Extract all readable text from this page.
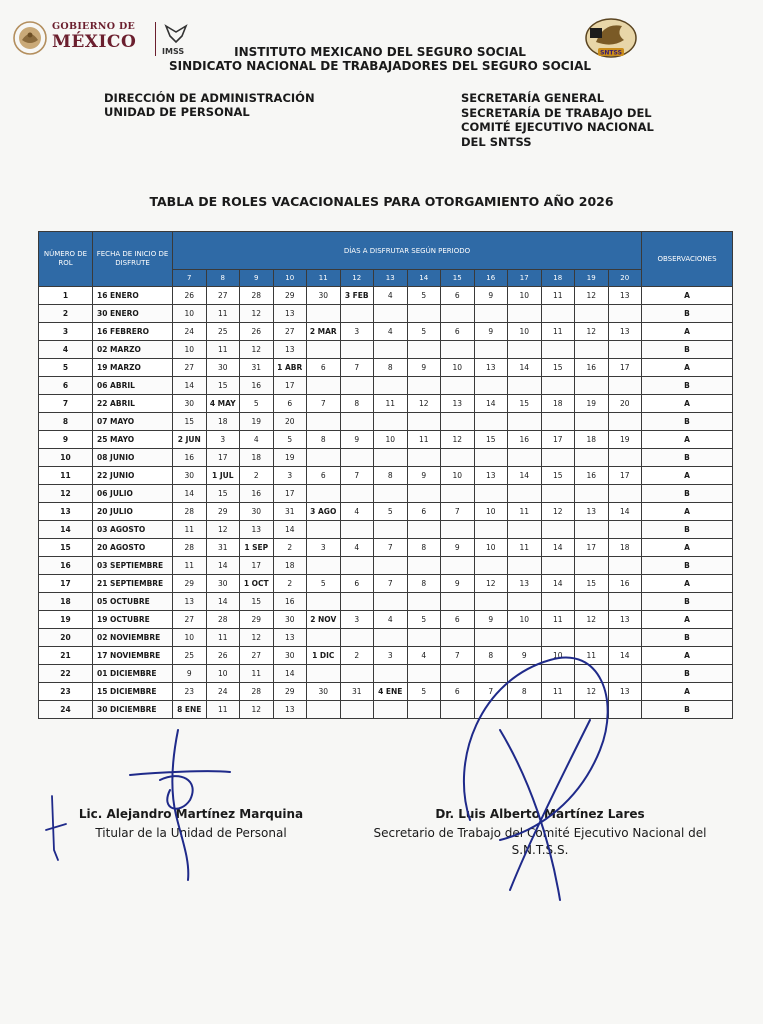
GOBIERNO DE
MÉXICO	IMSS	SNTSS
INSTITUTO MEXICANO DEL SEGURO SOCIAL
SINDICATO NACIONAL DE TRABAJADORES DEL SEGURO SOCIAL
DIRECCIÓN DE ADMINISTRACIÓN
UNIDAD DE PERSONAL
SECRETARÍA GENERAL
SECRETARÍA DE TRABAJO DEL
COMITÉ EJECUTIVO NACIONAL
DEL SNTSS
TABLA DE ROLES VACACIONALES PARA OTORGAMIENTO AÑO 2026
NÚMERO DE ROL	FECHA DE INICIO DE DISFRUTE	DÍAS A DISFRUTAR SEGÚN PERIODO														OBSERVACIONES
		7	8	9	10	11	12	13	14	15	16	17	18	19	20	
1	16 ENERO	26	27	28	29	30	3 FEB	4	5	6	9	10	11	12	13	A
2	30 ENERO	10	11	12	13											B
3	16 FEBRERO	24	25	26	27	2 MAR	3	4	5	6	9	10	11	12	13	A
4	02 MARZO	10	11	12	13											B
5	19 MARZO	27	30	31	1 ABR	6	7	8	9	10	13	14	15	16	17	A
6	06 ABRIL	14	15	16	17											B
7	22 ABRIL	30	4 MAY	5	6	7	8	11	12	13	14	15	18	19	20	A
8	07 MAYO	15	18	19	20											B
9	25 MAYO	2 JUN	3	4	5	8	9	10	11	12	15	16	17	18	19	A
10	08 JUNIO	16	17	18	19											B
11	22 JUNIO	30	1 JUL	2	3	6	7	8	9	10	13	14	15	16	17	A
12	06 JULIO	14	15	16	17											B
13	20 JULIO	28	29	30	31	3 AGO	4	5	6	7	10	11	12	13	14	A
14	03 AGOSTO	11	12	13	14											B
15	20 AGOSTO	28	31	1 SEP	2	3	4	7	8	9	10	11	14	17	18	A
16	03 SEPTIEMBRE	11	14	17	18											B
17	21 SEPTIEMBRE	29	30	1 OCT	2	5	6	7	8	9	12	13	14	15	16	A
18	05 OCTUBRE	13	14	15	16											B
19	19 OCTUBRE	27	28	29	30	2 NOV	3	4	5	6	9	10	11	12	13	A
20	02 NOVIEMBRE	10	11	12	13											B
21	17 NOVIEMBRE	25	26	27	30	1 DIC	2	3	4	7	8	9	10	11	14	A
22	01 DICIEMBRE	9	10	11	14											B
23	15 DICIEMBRE	23	24	28	29	30	31	4 ENE	5	6	7	8	11	12	13	A
24	30 DICIEMBRE	8 ENE	11	12	13											B
Lic. Alejandro Martínez Marquina
Titular de la Unidad de Personal
Dr. Luis Alberto Martínez Lares
Secretario de Trabajo del Comité Ejecutivo Nacional del
S.N.T.S.S.
